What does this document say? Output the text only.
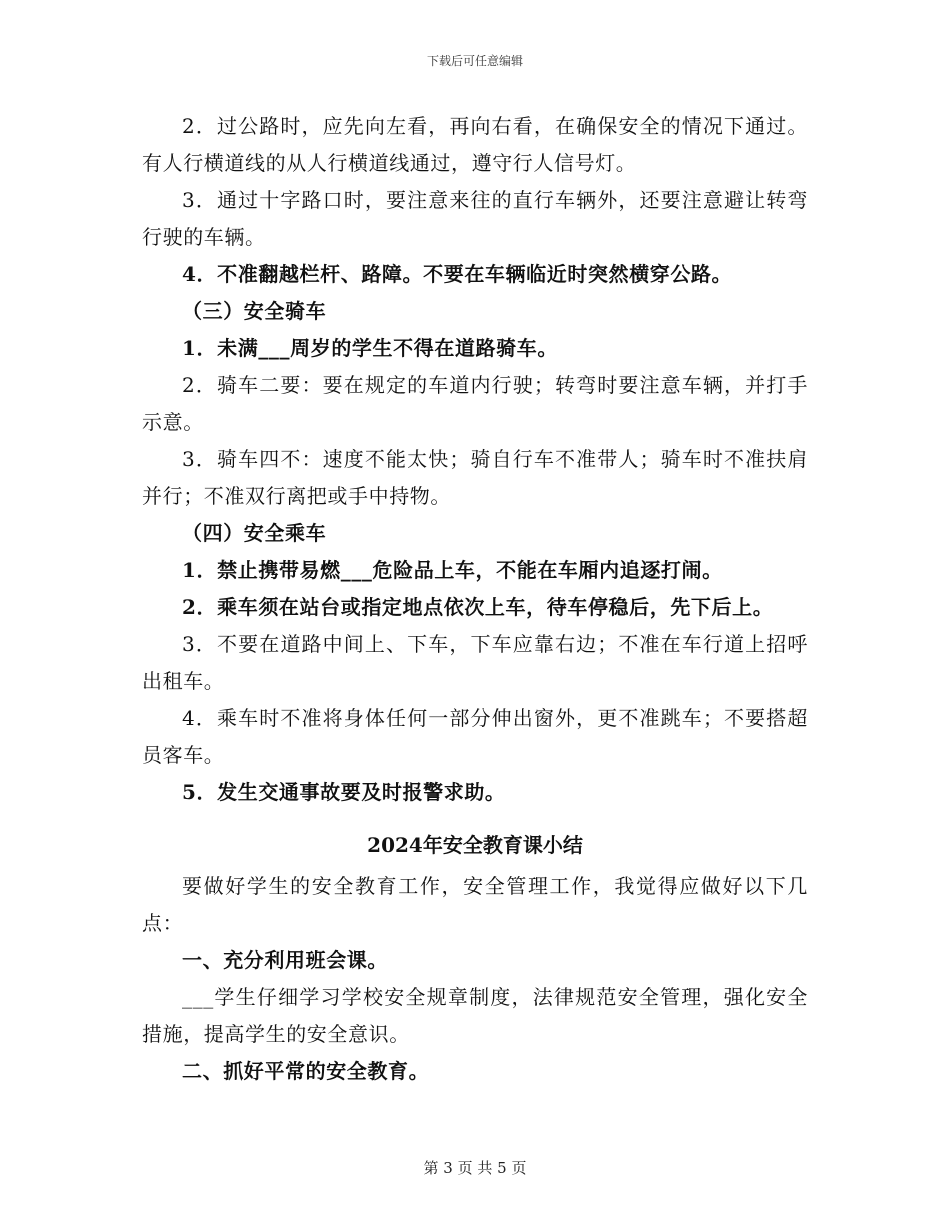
下载后可任意编辑

2．过公路时，应先向左看，再向右看，在确保安全的情况下通过。有人行横道线的从人行横道线通过，遵守行人信号灯。

3．通过十字路口时，要注意来往的直行车辆外，还要注意避让转弯行驶的车辆。

4．不准翻越栏杆、路障。不要在车辆临近时突然横穿公路。

（三）安全骑车

1．未满___周岁的学生不得在道路骑车。

2．骑车二要：要在规定的车道内行驶；转弯时要注意车辆，并打手示意。

3．骑车四不：速度不能太快；骑自行车不准带人；骑车时不准扶肩并行；不准双行离把或手中持物。

（四）安全乘车

1．禁止携带易燃___危险品上车，不能在车厢内追逐打闹。

2．乘车须在站台或指定地点依次上车，待车停稳后，先下后上。

3．不要在道路中间上、下车，下车应靠右边；不准在车行道上招呼出租车。

4．乘车时不准将身体任何一部分伸出窗外，更不准跳车；不要搭超员客车。

5．发生交通事故要及时报警求助。

2024年安全教育课小结

要做好学生的安全教育工作，安全管理工作，我觉得应做好以下几点：

一、充分利用班会课。

___学生仔细学习学校安全规章制度，法律规范安全管理，强化安全措施，提高学生的安全意识。

二、抓好平常的安全教育。

第 3 页 共 5 页
